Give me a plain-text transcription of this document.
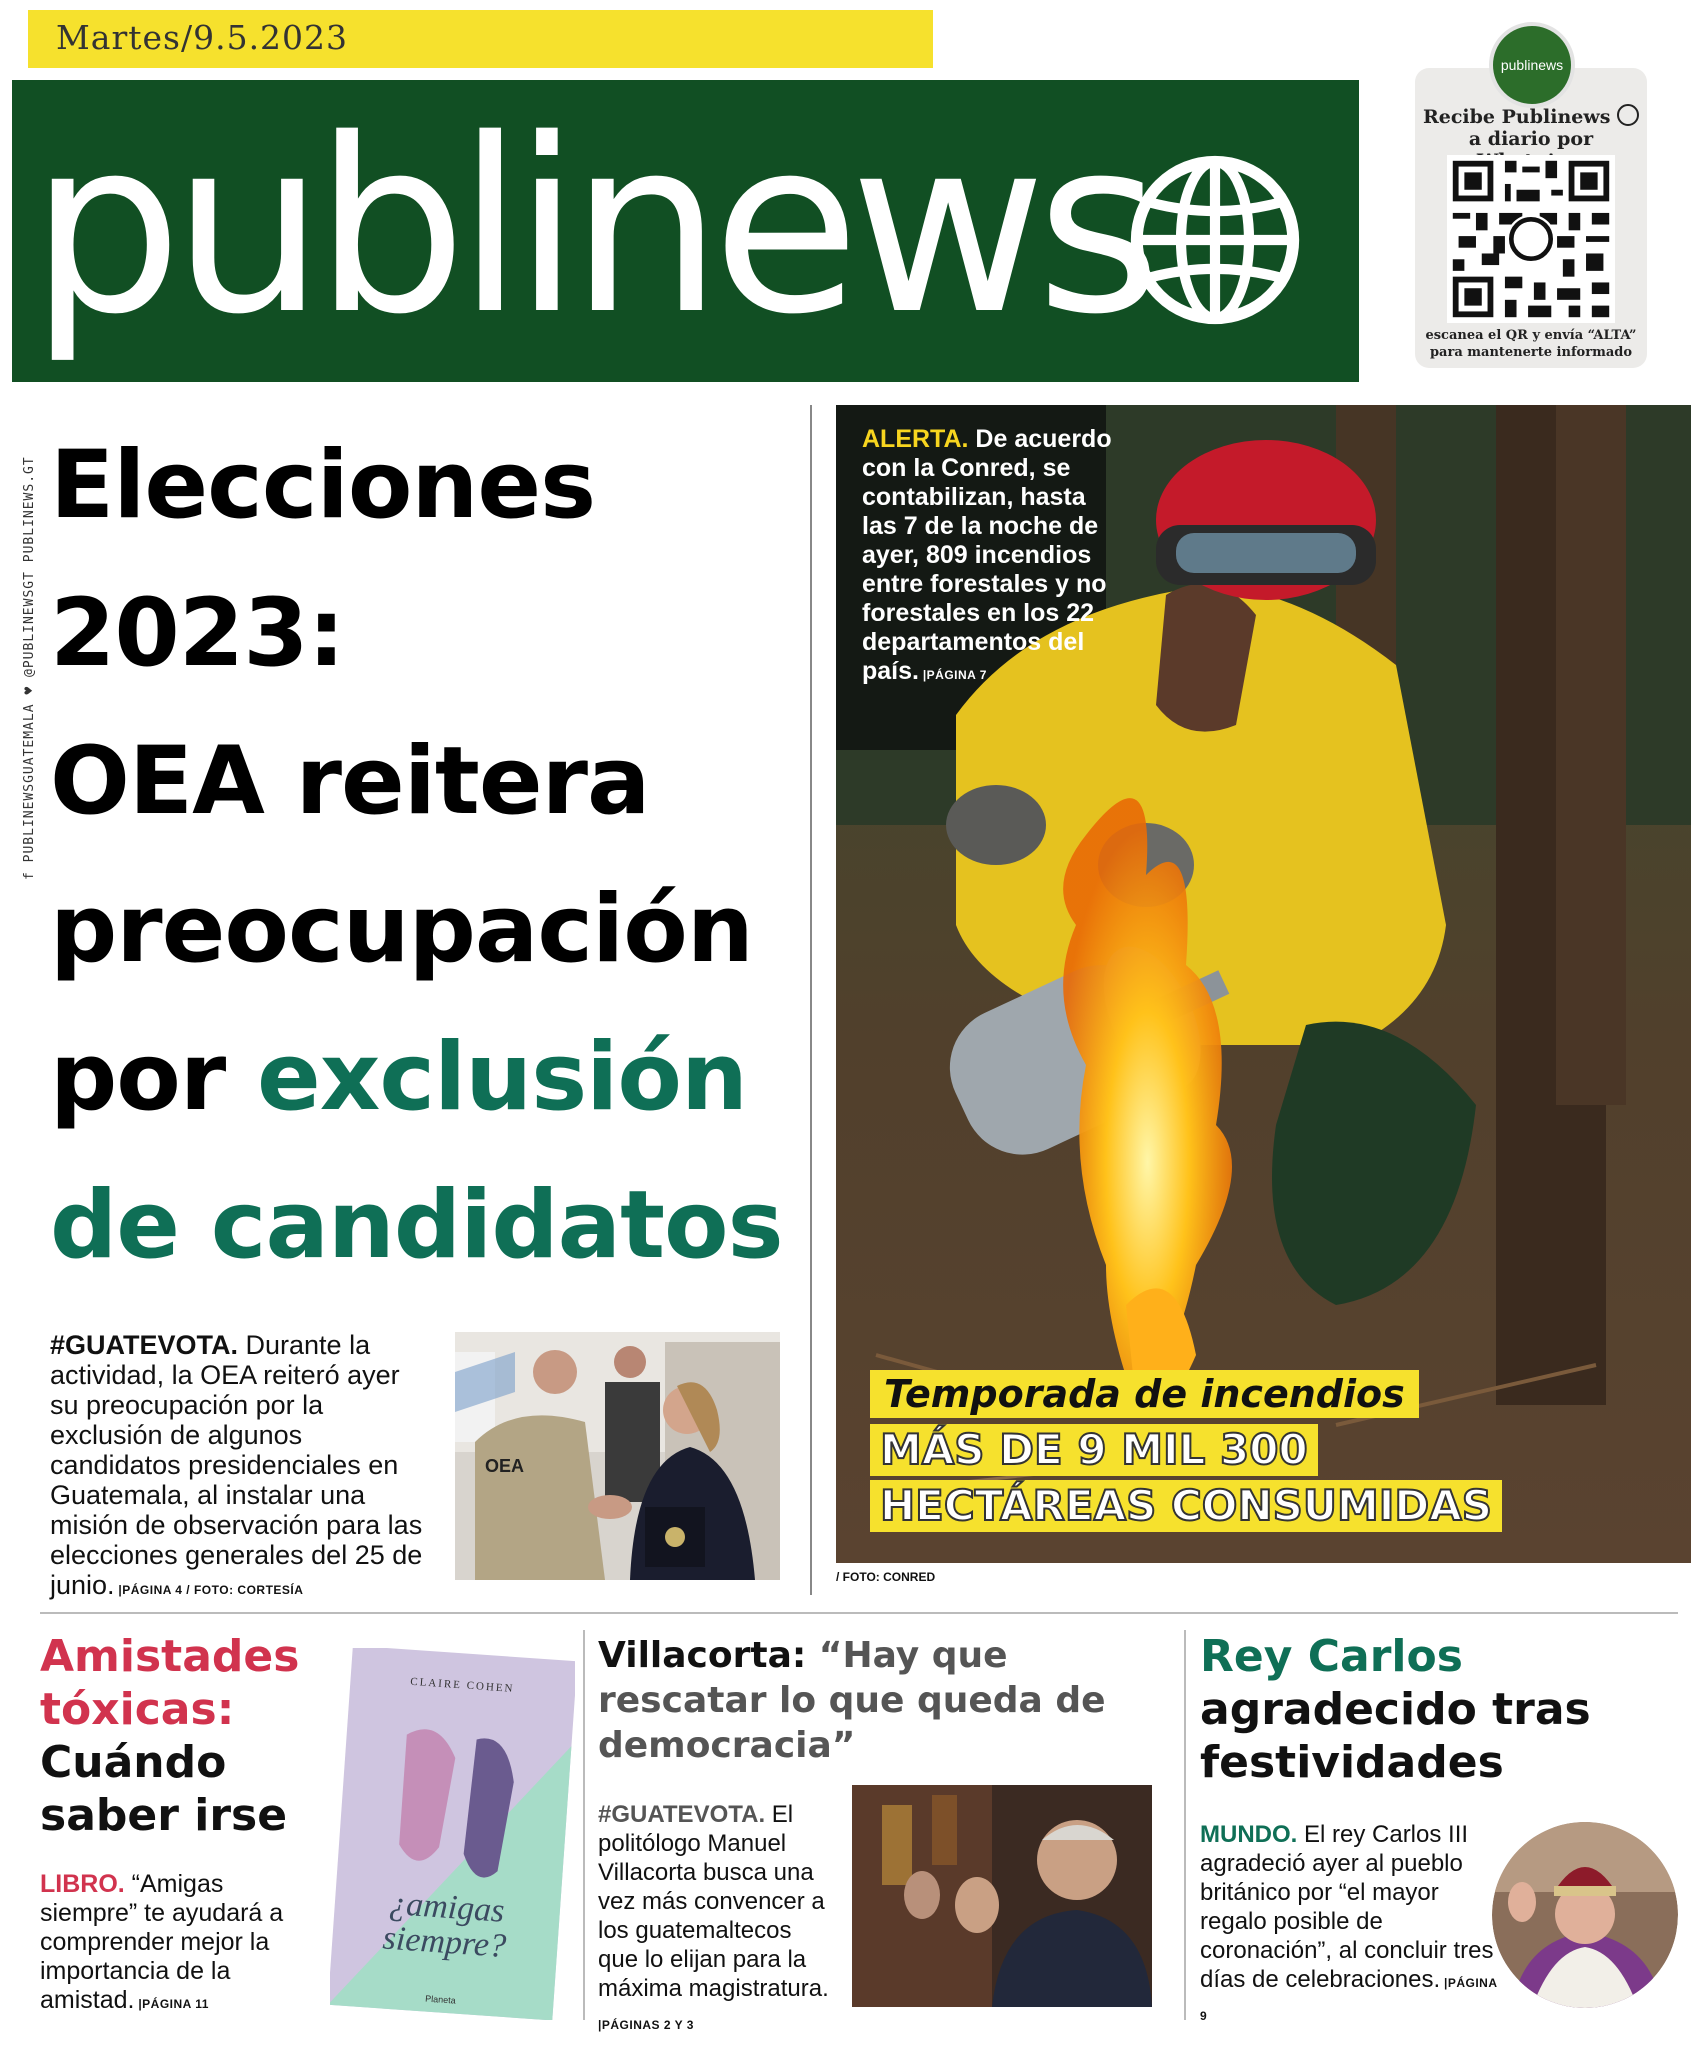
Martes/9.5.2023
publinews
publinews
Recibe Publinews
a diario por
escanea el QR y envía “ALTA”
para mantenerte informado
f PUBLINEWSGUATEMALA ♥ @PUBLINEWSGT PUBLINEWS.GT Elecciones
2023:
OEA reitera
preocupación
por exclusión
de candidatos
#GUATEVOTA. Durante la actividad, la OEA reiteró ayer su preocupación por la exclusión de algunos candidatos presidenciales en Guatemala, al instalar una misión de observación para las elecciones generales del 25 de junio. |PÁGINA 4 / FOTO: CORTESÍA
OEA
ALERTA. De acuerdo con la Conred, se contabilizan, hasta las 7 de la noche de ayer, 809 incendios entre forestales y no forestales en los 22 departamentos del país. |PÁGINA 7
Temporada de incendios
MÁS DE 9 MIL 300
HECTÁREAS CONSUMIDAS
/ FOTO: CONRED
Amistades
tóxicas:
Cuándo
saber irse
LIBRO. “Amigas siempre” te ayudará a comprender mejor la importancia de la amistad. |PÁGINA 11
CLAIRE COHEN
¿amigas
siempre?
Planeta
Villacorta: “Hay que rescatar lo que queda de democracia”
#GUATEVOTA. El politólogo Manuel Villacorta busca una vez más convencer a los guatemaltecos que lo elijan para la máxima magistratura. |PÁGINAS 2 Y 3
Rey Carlos
agradecido tras festividades
MUNDO. El rey Carlos III agradeció ayer al pueblo británico por “el mayor regalo posible de coronación”, al concluir tres días de celebraciones. |PÁGINA 9
